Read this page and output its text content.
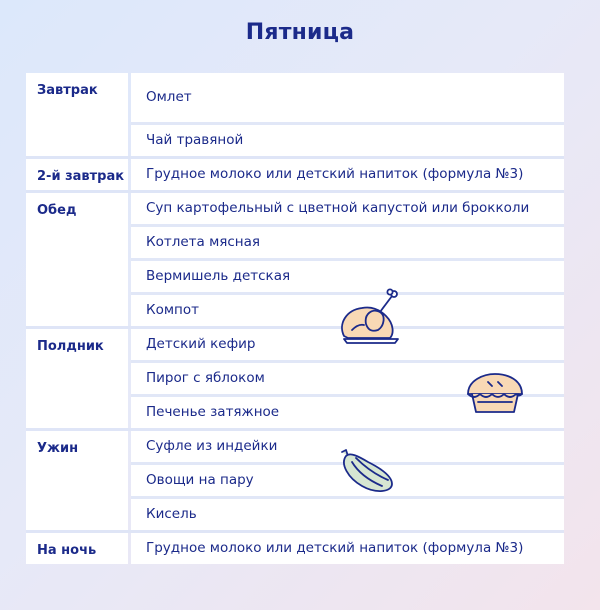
Пятница
Завтрак	Омлет
Чай травяной
2-й завтрак	Грудное молоко или детский напиток (формула №3)
Обед	Суп картофельный с цветной капустой или брокколи
Котлета мясная
Вермишель детская
Компот
Полдник	Детский кефир
Пирог с яблоком
Печенье затяжное
Ужин	Суфле из индейки
Овощи на пару
Кисель
На ночь	Грудное молоко или детский напиток (формула №3)
